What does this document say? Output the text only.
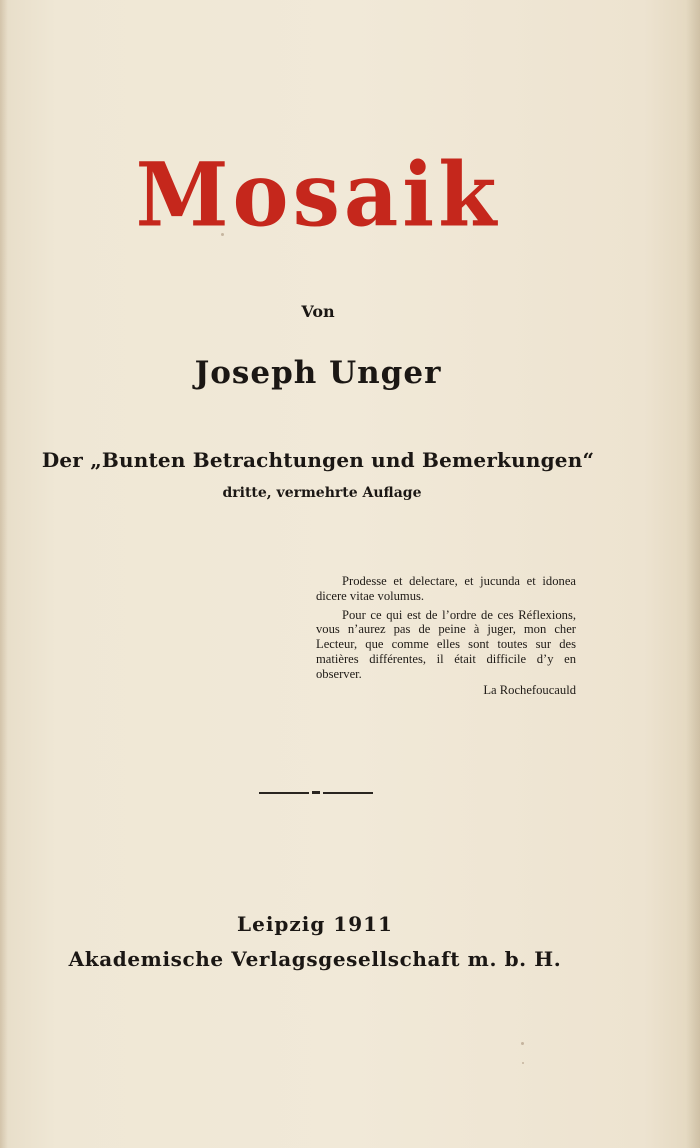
Mosaik
Von
Joseph Unger
Der „Bunten Betrachtungen und Bemerkungen“
dritte, vermehrte Auflage

Prodesse et delectare, et jucunda et idonea dicere vitae volumus.

Pour ce qui est de l’ordre de ces Réflexions, vous n’aurez pas de peine à juger, mon cher Lecteur, que comme elles sont toutes sur des matières différentes, il était difficile d’y en observer.

La Rochefoucauld
Leipzig 1911
Akademische Verlagsgesellschaft m. b. H.
